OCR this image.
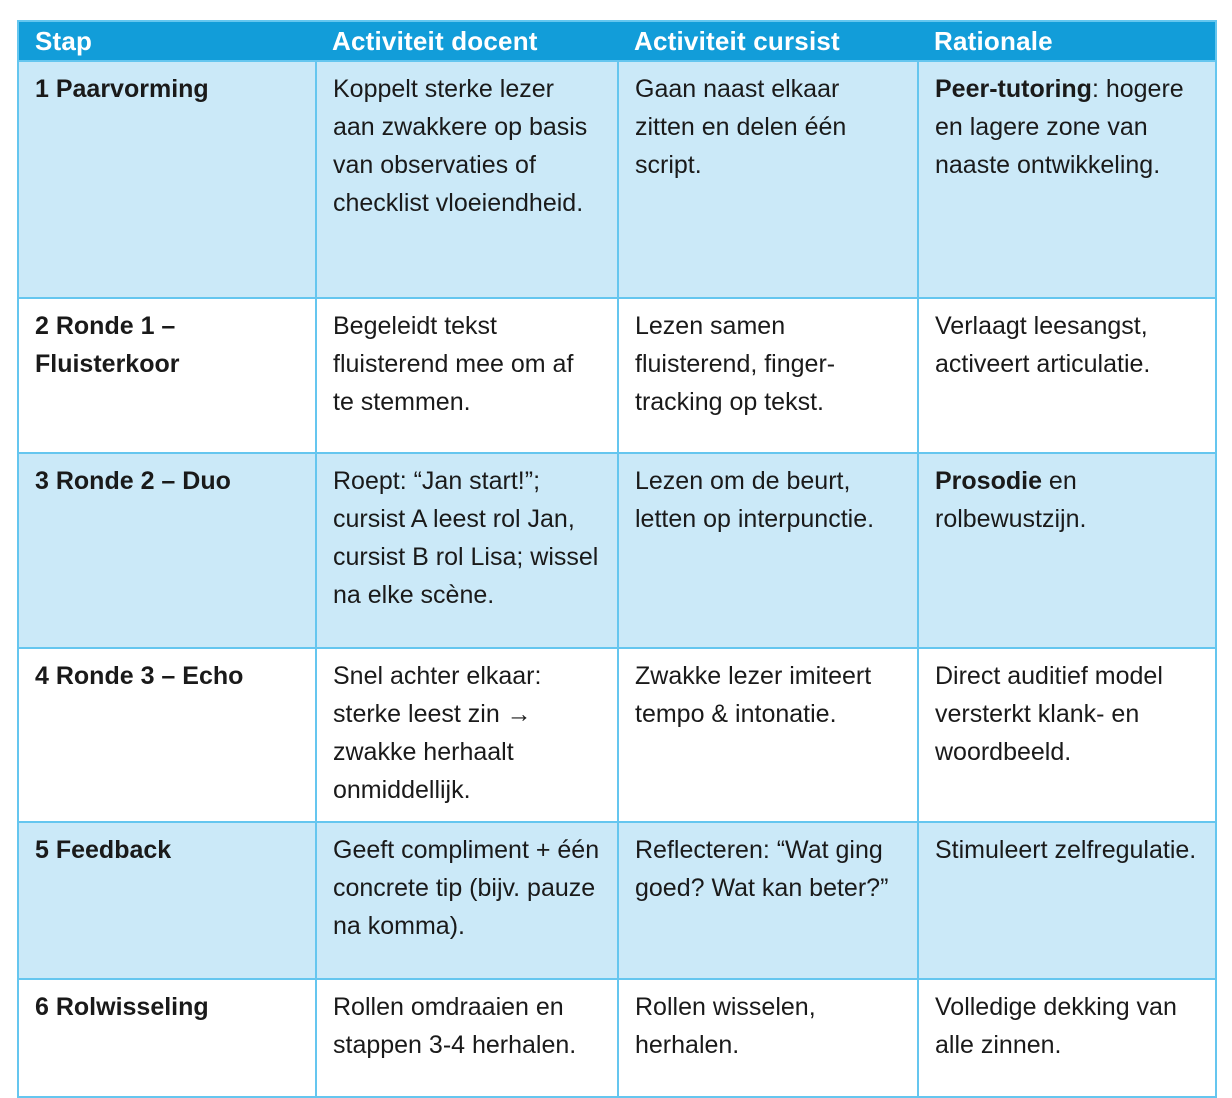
Stap	Activiteit docent	Activiteit cursist	Rationale
1 Paarvorming	Koppelt sterke lezer aan zwakkere op basis van observaties of checklist vloeiendheid.	Gaan naast elkaar zitten en delen één script.	Peer-tutoring: hogere en lagere zone van naaste ontwikkeling.
2 Ronde 1 – Fluisterkoor	Begeleidt tekst fluisterend mee om af te stemmen.	Lezen samen fluisterend, finger-tracking op tekst.	Verlaagt leesangst, activeert articulatie.
3 Ronde 2 – Duo	Roept: “Jan start!”; cursist A leest rol Jan, cursist B rol Lisa; wissel na elke scène.	Lezen om de beurt, letten op interpunctie.	Prosodie en rolbewustzijn.
4 Ronde 3 – Echo	Snel achter elkaar: sterke leest zin → zwakke herhaalt onmiddellijk.	Zwakke lezer imiteert tempo & intonatie.	Direct auditief model versterkt klank- en woordbeeld.
5 Feedback	Geeft compliment + één concrete tip (bijv. pauze na komma).	Reflecteren: “Wat ging goed? Wat kan beter?”	Stimuleert zelfregulatie.
6 Rolwisseling	Rollen omdraaien en stappen 3-4 herhalen.	Rollen wisselen, herhalen.	Volledige dekking van alle zinnen.
